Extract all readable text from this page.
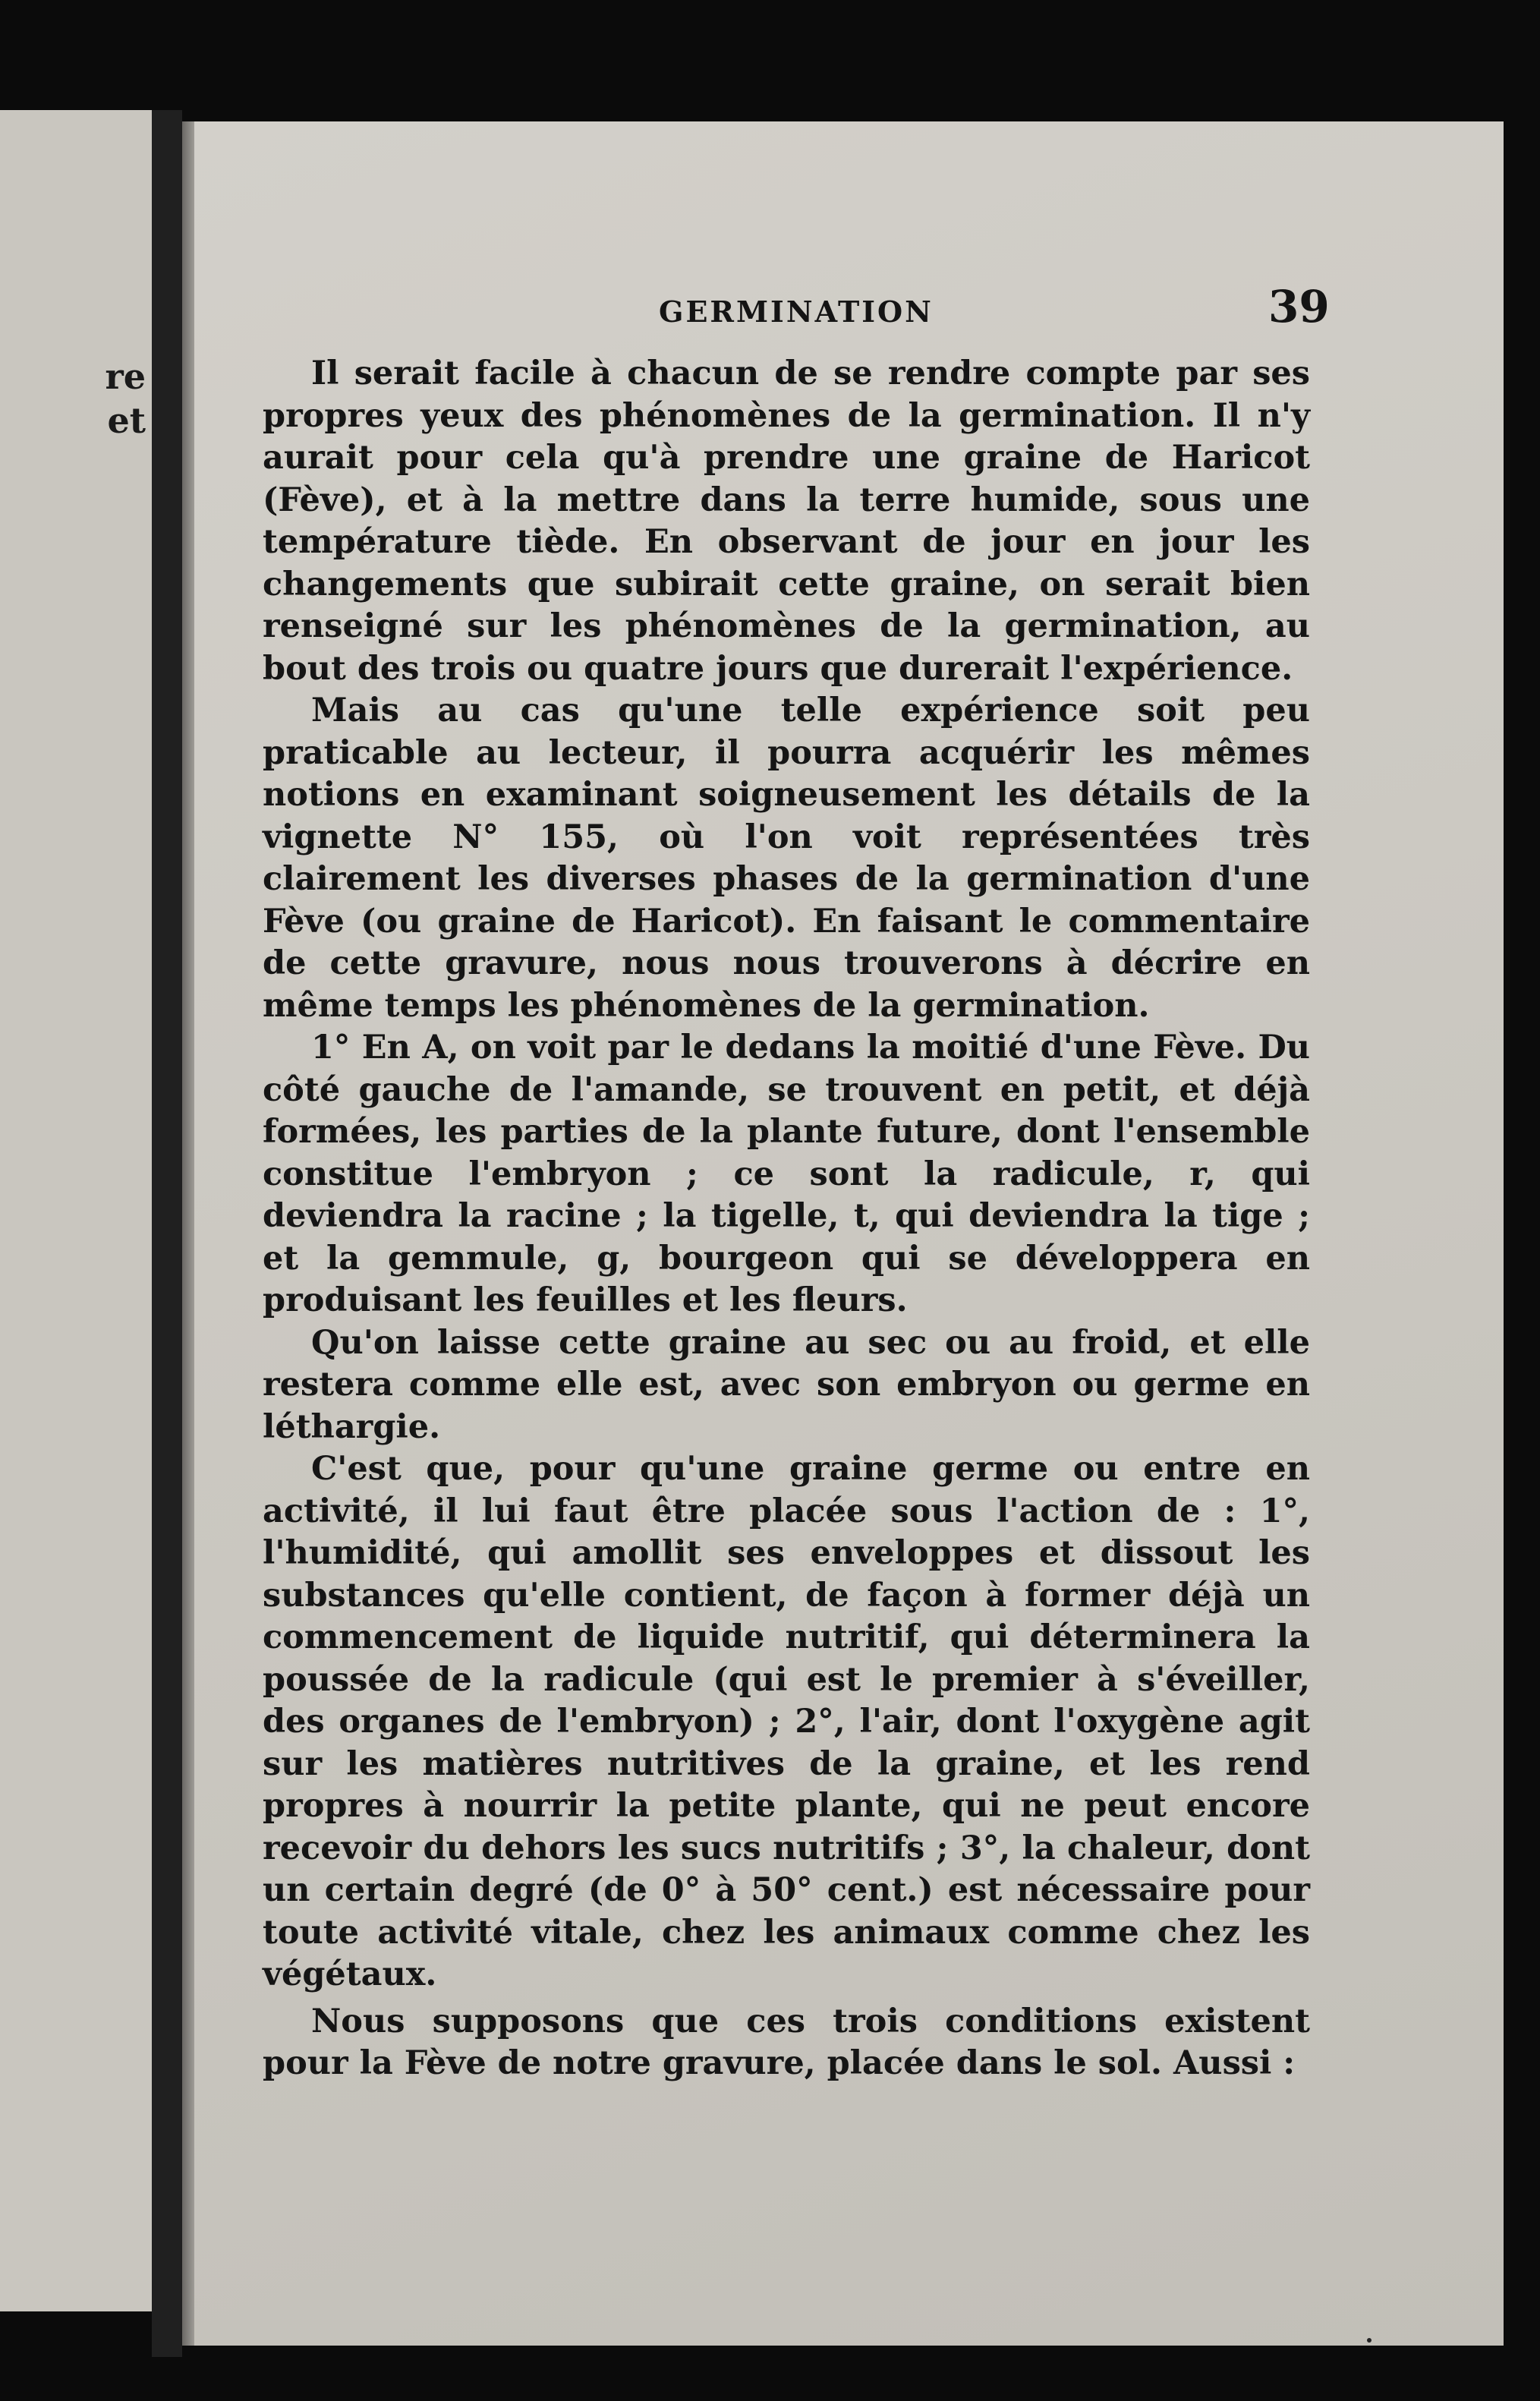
re
et
GERMINATION	39

Il serait facile à chacun de se rendre compte par ses propres yeux des phénomènes de la germination. Il n'y aurait pour cela qu'à prendre une graine de Haricot (Fève), et à la mettre dans la terre humide, sous une température tiède. En observant de jour en jour les changements que subirait cette graine, on serait bien renseigné sur les phénomènes de la germination, au bout des trois ou quatre jours que durerait l'expérience.

Mais au cas qu'une telle expérience soit peu praticable au lecteur, il pourra acquérir les mêmes notions en examinant soigneusement les détails de la vignette N° 155, où l'on voit représentées très clairement les diverses phases de la germination d'une Fève (ou graine de Haricot). En faisant le commentaire de cette gravure, nous nous trouverons à décrire en même temps les phénomènes de la germination.

1° En A, on voit par le dedans la moitié d'une Fève. Du côté gauche de l'amande, se trouvent en petit, et déjà formées, les parties de la plante future, dont l'ensemble constitue l'embryon ; ce sont la radicule, r, qui deviendra la racine ; la tigelle, t, qui deviendra la tige ; et la gemmule, g, bourgeon qui se développera en produisant les feuilles et les fleurs.

Qu'on laisse cette graine au sec ou au froid, et elle restera comme elle est, avec son embryon ou germe en léthargie.

C'est que, pour qu'une graine germe ou entre en activité, il lui faut être placée sous l'action de : 1°, l'humidité, qui amollit ses enveloppes et dissout les substances qu'elle contient, de façon à former déjà un commencement de liquide nutritif, qui déterminera la poussée de la radicule (qui est le premier à s'éveiller, des organes de l'embryon) ; 2°, l'air, dont l'oxygène agit sur les matières nutritives de la graine, et les rend propres à nourrir la petite plante, qui ne peut encore recevoir du dehors les sucs nutritifs ; 3°, la chaleur, dont un certain degré (de 0° à 50° cent.) est nécessaire pour toute activité vitale, chez les animaux comme chez les végétaux.

Nous supposons que ces trois conditions existent pour la Fève de notre gravure, placée dans le sol. Aussi :
